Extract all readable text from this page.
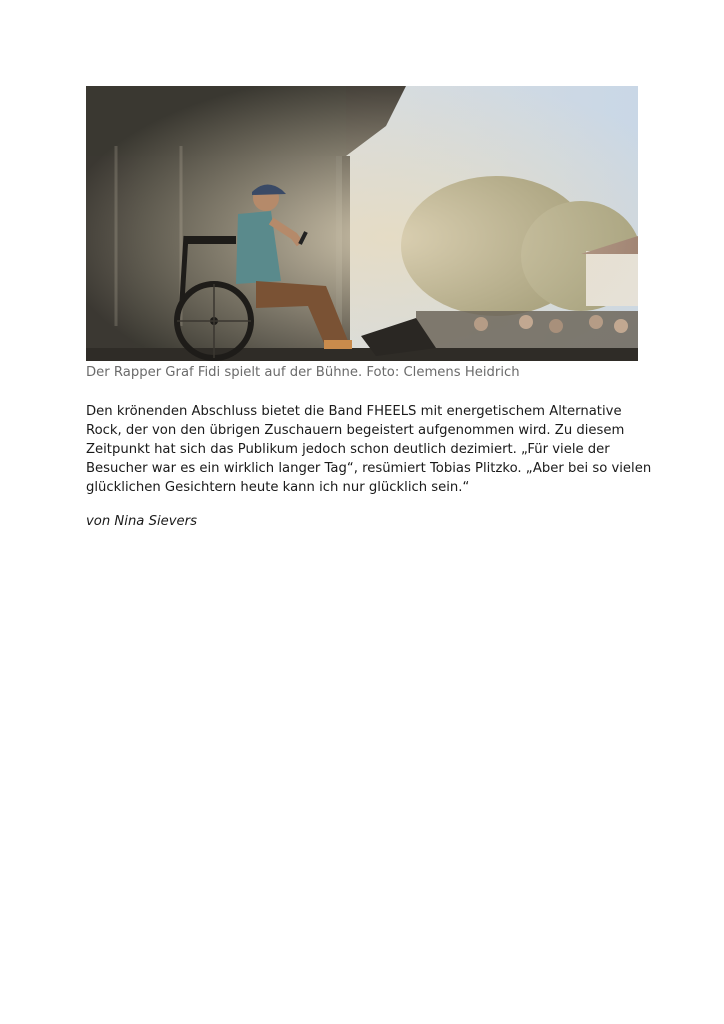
Der Rapper Graf Fidi spielt auf der Bühne. Foto: Clemens Heidrich
Den krönenden Abschluss bietet die Band FHEELS mit energetischem Alternative
Rock, der von den übrigen Zuschauern begeistert aufgenommen wird. Zu diesem
Zeitpunkt hat sich das Publikum jedoch schon deutlich dezimiert. „Für viele der
Besucher war es ein wirklich langer Tag“, resümiert Tobias Plitzko. „Aber bei so vielen
glücklichen Gesichtern heute kann ich nur glücklich sein.“
von Nina Sievers
